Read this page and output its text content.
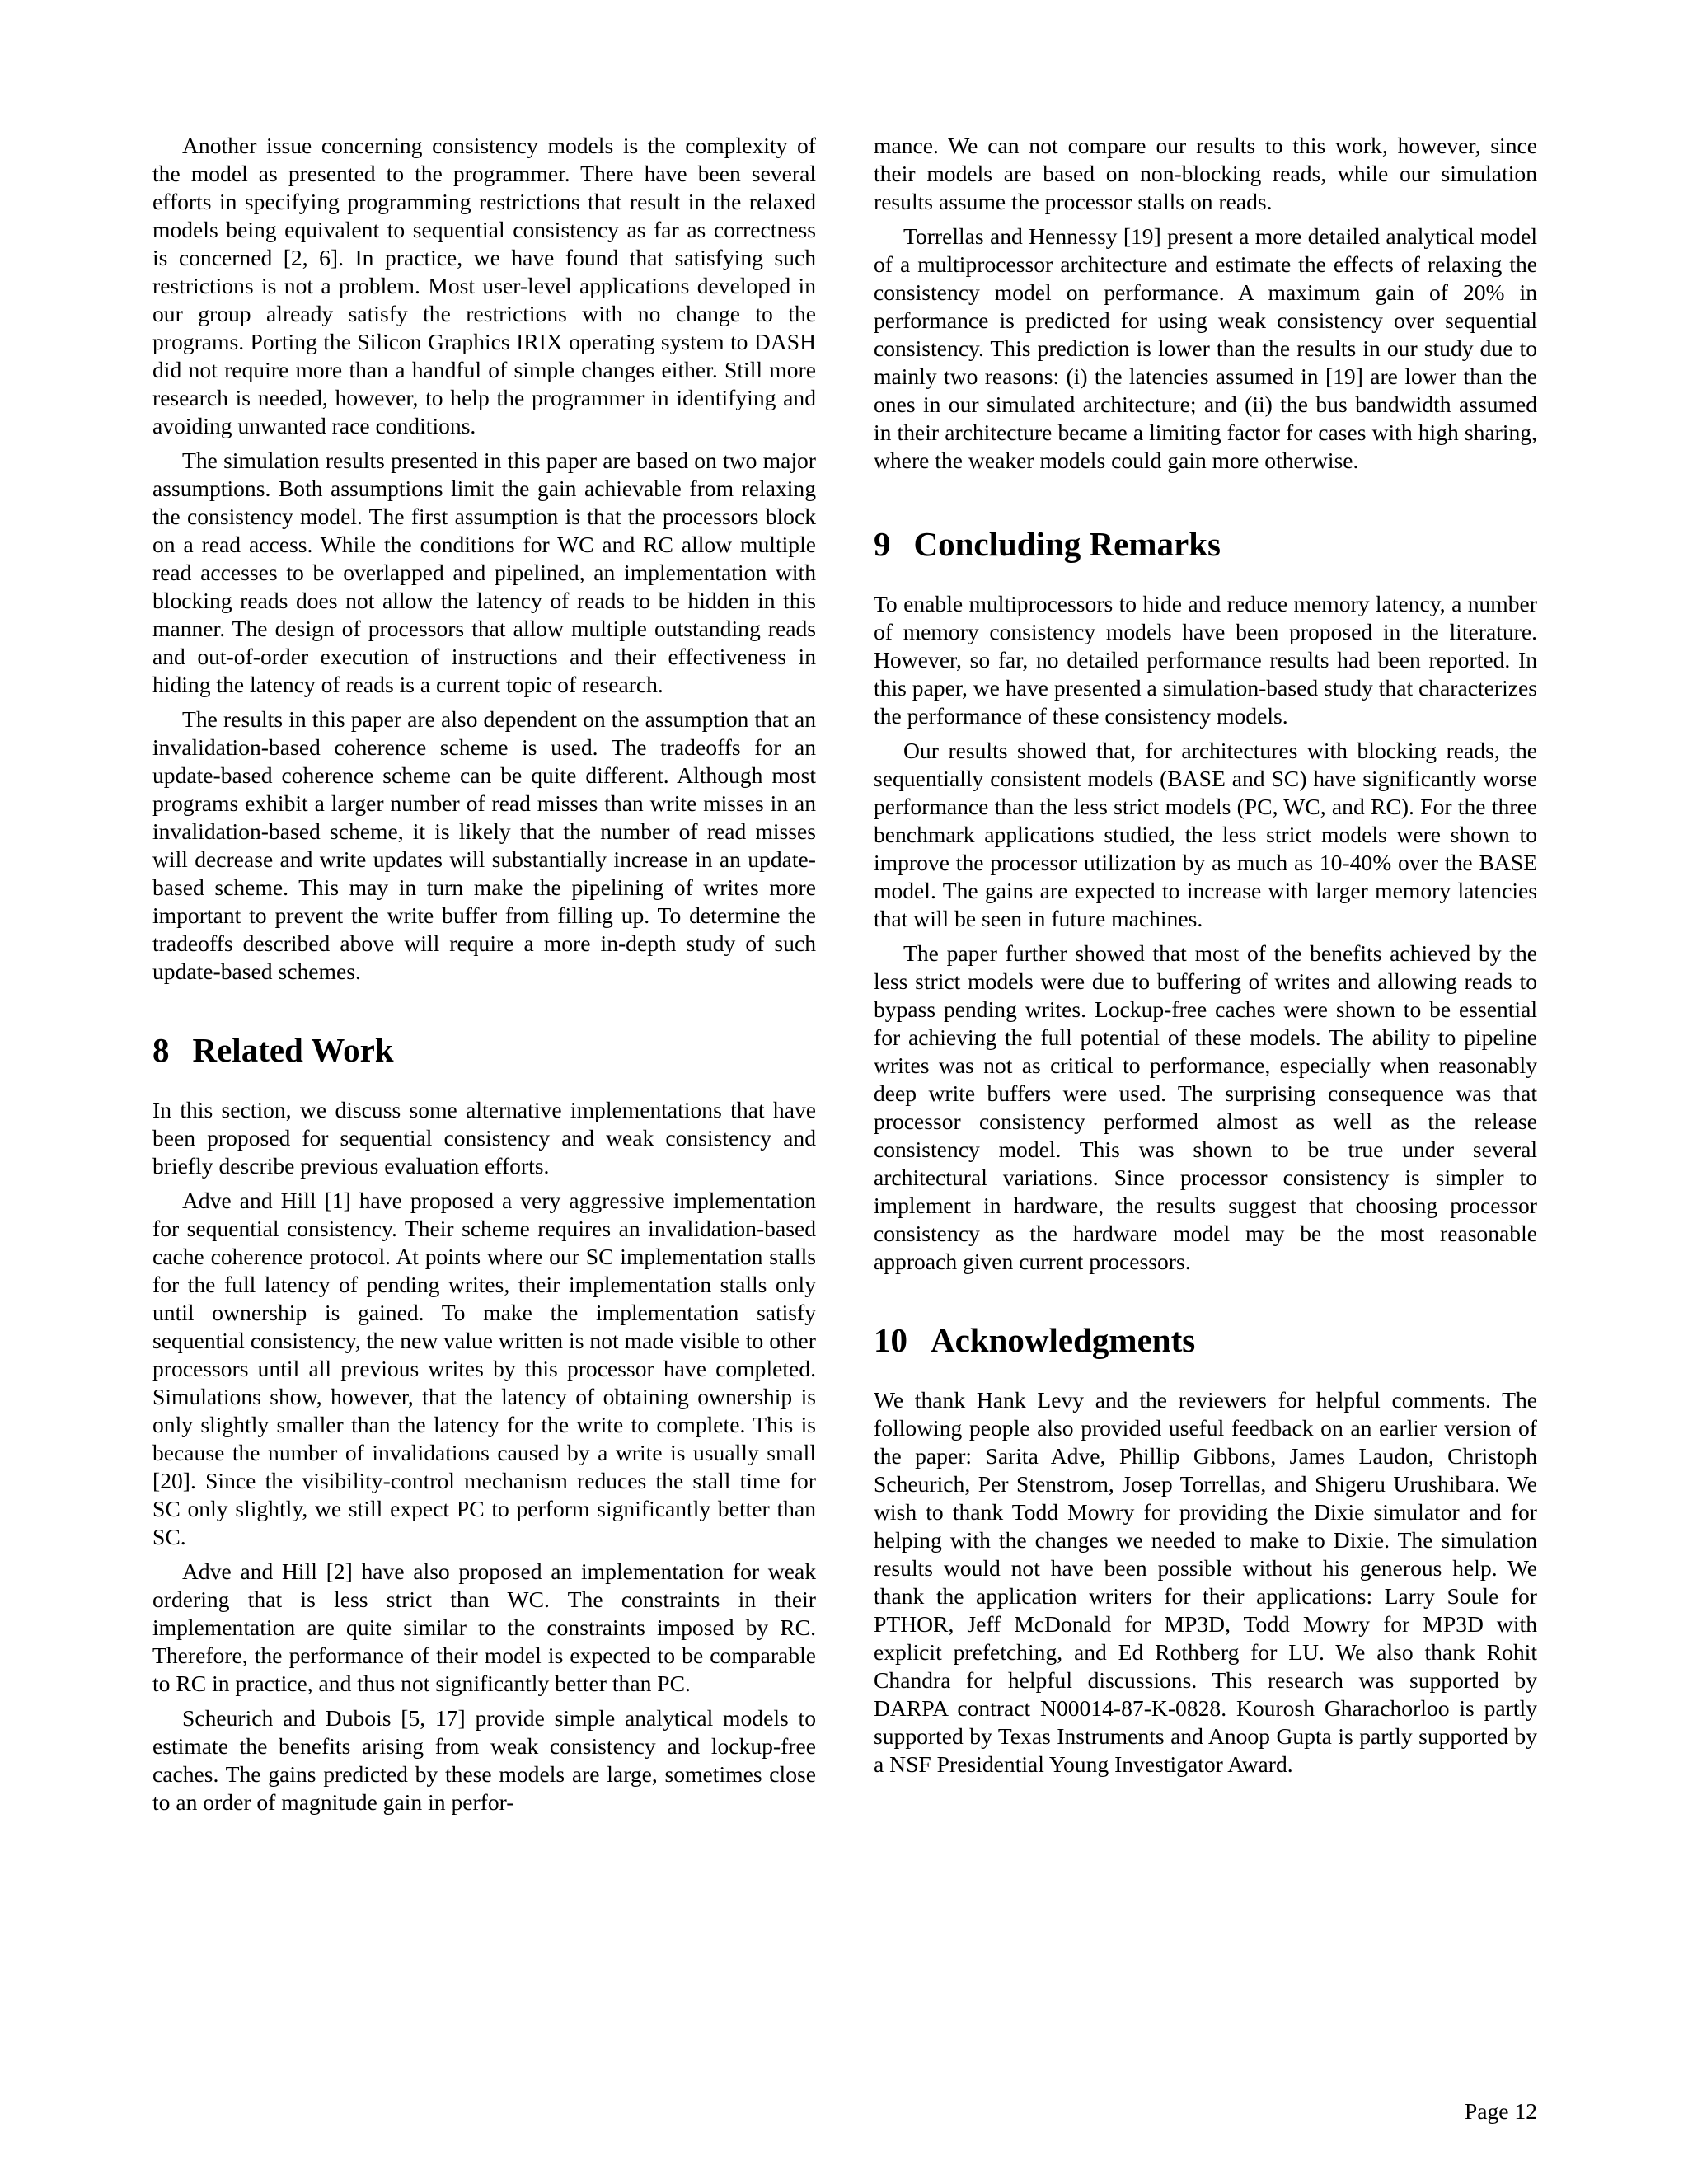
Another issue concerning consistency models is the complexity of the model as presented to the programmer. There have been several efforts in specifying programming restrictions that result in the relaxed models being equivalent to sequential consistency as far as correctness is concerned [2, 6]. In practice, we have found that satisfying such restrictions is not a problem. Most user-level applications developed in our group already satisfy the restrictions with no change to the programs. Porting the Silicon Graphics IRIX operating system to DASH did not require more than a handful of simple changes either. Still more research is needed, however, to help the programmer in identifying and avoiding unwanted race conditions.

The simulation results presented in this paper are based on two major assumptions. Both assumptions limit the gain achievable from relaxing the consistency model. The first assumption is that the processors block on a read access. While the conditions for WC and RC allow multiple read accesses to be overlapped and pipelined, an implementation with blocking reads does not allow the latency of reads to be hidden in this manner. The design of processors that allow multiple outstanding reads and out-of-order execution of instructions and their effectiveness in hiding the latency of reads is a current topic of research.

The results in this paper are also dependent on the assumption that an invalidation-based coherence scheme is used. The tradeoffs for an update-based coherence scheme can be quite different. Although most programs exhibit a larger number of read misses than write misses in an invalidation-based scheme, it is likely that the number of read misses will decrease and write updates will substantially increase in an update-based scheme. This may in turn make the pipelining of writes more important to prevent the write buffer from filling up. To determine the tradeoffs described above will require a more in-depth study of such update-based schemes.

8 Related Work

In this section, we discuss some alternative implementations that have been proposed for sequential consistency and weak consistency and briefly describe previous evaluation efforts.

Adve and Hill [1] have proposed a very aggressive implementation for sequential consistency. Their scheme requires an invalidation-based cache coherence protocol. At points where our SC implementation stalls for the full latency of pending writes, their implementation stalls only until ownership is gained. To make the implementation satisfy sequential consistency, the new value written is not made visible to other processors until all previous writes by this processor have completed. Simulations show, however, that the latency of obtaining ownership is only slightly smaller than the latency for the write to complete. This is because the number of invalidations caused by a write is usually small [20]. Since the visibility-control mechanism reduces the stall time for SC only slightly, we still expect PC to perform significantly better than SC.

Adve and Hill [2] have also proposed an implementation for weak ordering that is less strict than WC. The constraints in their implementation are quite similar to the constraints imposed by RC. Therefore, the performance of their model is expected to be comparable to RC in practice, and thus not significantly better than PC.

Scheurich and Dubois [5, 17] provide simple analytical models to estimate the benefits arising from weak consistency and lockup-free caches. The gains predicted by these models are large, sometimes close to an order of magnitude gain in perfor-

mance. We can not compare our results to this work, however, since their models are based on non-blocking reads, while our simulation results assume the processor stalls on reads.

Torrellas and Hennessy [19] present a more detailed analytical model of a multiprocessor architecture and estimate the effects of relaxing the consistency model on performance. A maximum gain of 20% in performance is predicted for using weak consistency over sequential consistency. This prediction is lower than the results in our study due to mainly two reasons: (i) the latencies assumed in [19] are lower than the ones in our simulated architecture; and (ii) the bus bandwidth assumed in their architecture became a limiting factor for cases with high sharing, where the weaker models could gain more otherwise.

9 Concluding Remarks

To enable multiprocessors to hide and reduce memory latency, a number of memory consistency models have been proposed in the literature. However, so far, no detailed performance results had been reported. In this paper, we have presented a simulation-based study that characterizes the performance of these consistency models.

Our results showed that, for architectures with blocking reads, the sequentially consistent models (BASE and SC) have significantly worse performance than the less strict models (PC, WC, and RC). For the three benchmark applications studied, the less strict models were shown to improve the processor utilization by as much as 10-40% over the BASE model. The gains are expected to increase with larger memory latencies that will be seen in future machines.

The paper further showed that most of the benefits achieved by the less strict models were due to buffering of writes and allowing reads to bypass pending writes. Lockup-free caches were shown to be essential for achieving the full potential of these models. The ability to pipeline writes was not as critical to performance, especially when reasonably deep write buffers were used. The surprising consequence was that processor consistency performed almost as well as the release consistency model. This was shown to be true under several architectural variations. Since processor consistency is simpler to implement in hardware, the results suggest that choosing processor consistency as the hardware model may be the most reasonable approach given current processors.

10 Acknowledgments

We thank Hank Levy and the reviewers for helpful comments. The following people also provided useful feedback on an earlier version of the paper: Sarita Adve, Phillip Gibbons, James Laudon, Christoph Scheurich, Per Stenstrom, Josep Torrellas, and Shigeru Urushibara. We wish to thank Todd Mowry for providing the Dixie simulator and for helping with the changes we needed to make to Dixie. The simulation results would not have been possible without his generous help. We thank the application writers for their applications: Larry Soule for PTHOR, Jeff McDonald for MP3D, Todd Mowry for MP3D with explicit prefetching, and Ed Rothberg for LU. We also thank Rohit Chandra for helpful discussions. This research was supported by DARPA contract N00014-87-K-0828. Kourosh Gharachorloo is partly supported by Texas Instruments and Anoop Gupta is partly supported by a NSF Presidential Young Investigator Award.

Page 12
